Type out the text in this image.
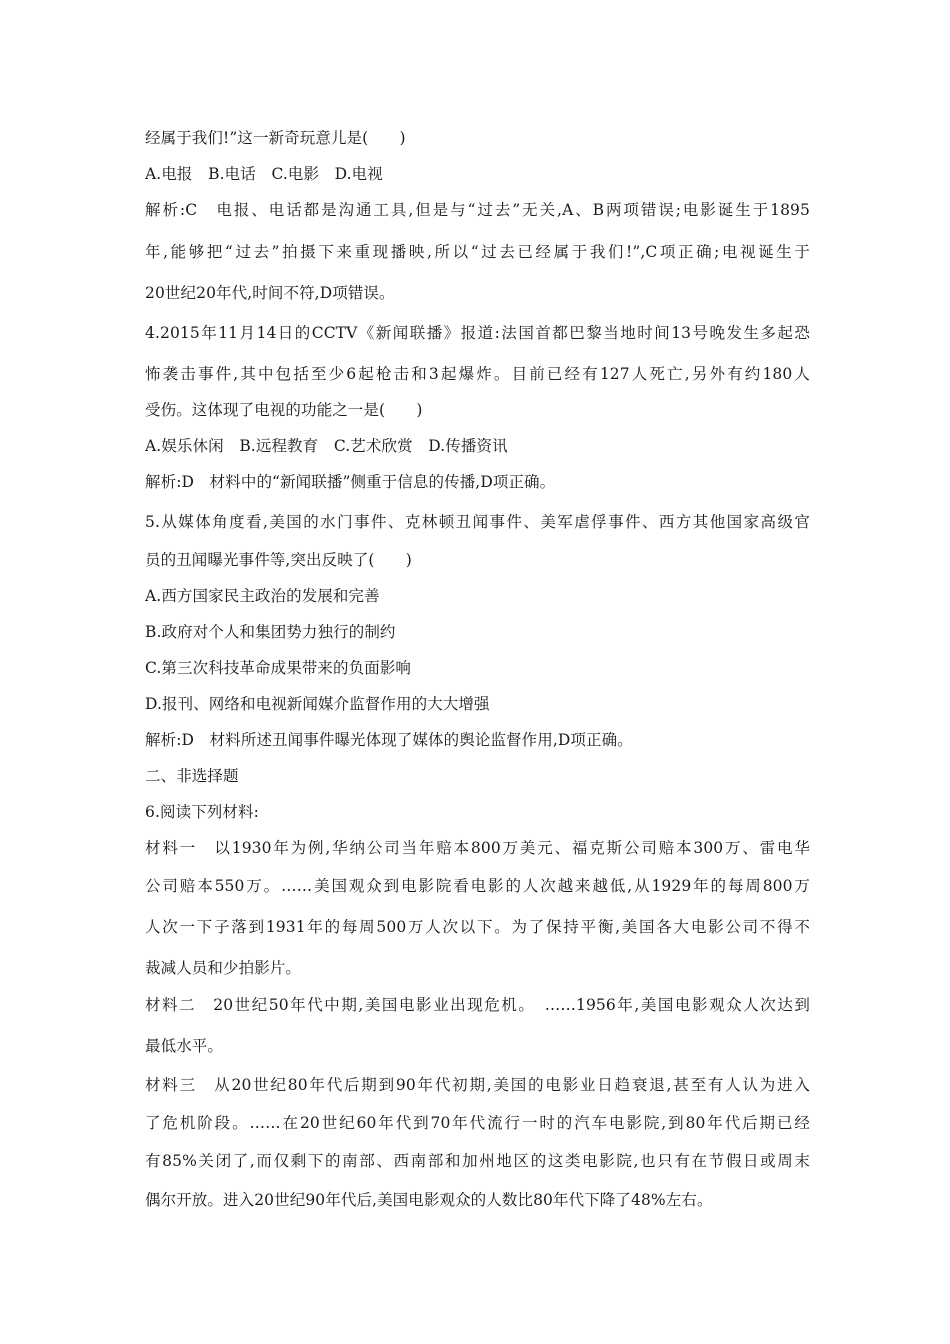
经属于我们!”这一新奇玩意儿是(　　)
A.电报　B.电话　C.电影　D.电视
解析:C　电报、电话都是沟通工具,但是与“过去”无关,A、B两项错误;电影诞生于1895
年,能够把“过去”拍摄下来重现播映,所以“过去已经属于我们!”,C项正确;电视诞生于
20世纪20年代,时间不符,D项错误。
4.2015年11月14日的CCTV《新闻联播》报道:法国首都巴黎当地时间13号晚发生多起恐
怖袭击事件,其中包括至少6起枪击和3起爆炸。目前已经有127人死亡,另外有约180人
受伤。这体现了电视的功能之一是(　　)
A.娱乐休闲　B.远程教育　C.艺术欣赏　D.传播资讯
解析:D　材料中的“新闻联播”侧重于信息的传播,D项正确。
5.从媒体角度看,美国的水门事件、克林顿丑闻事件、美军虐俘事件、西方其他国家高级官
员的丑闻曝光事件等,突出反映了(　　)
A.西方国家民主政治的发展和完善
B.政府对个人和集团势力独行的制约
C.第三次科技革命成果带来的负面影响
D.报刊、网络和电视新闻媒介监督作用的大大增强
解析:D　材料所述丑闻事件曝光体现了媒体的舆论监督作用,D项正确。
二、非选择题
6.阅读下列材料:
材料一　以1930年为例,华纳公司当年赔本800万美元、福克斯公司赔本300万、雷电华
公司赔本550万。……美国观众到电影院看电影的人次越来越低,从1929年的每周800万
人次一下子落到1931年的每周500万人次以下。为了保持平衡,美国各大电影公司不得不
裁减人员和少拍影片。
材料二　20世纪50年代中期,美国电影业出现危机。　……1956年,美国电影观众人次达到
最低水平。
材料三　从20世纪80年代后期到90年代初期,美国的电影业日趋衰退,甚至有人认为进入
了危机阶段。……在20世纪60年代到70年代流行一时的汽车电影院,到80年代后期已经
有85%关闭了,而仅剩下的南部、西南部和加州地区的这类电影院,也只有在节假日或周末
偶尔开放。进入20世纪90年代后,美国电影观众的人数比80年代下降了48%左右。
